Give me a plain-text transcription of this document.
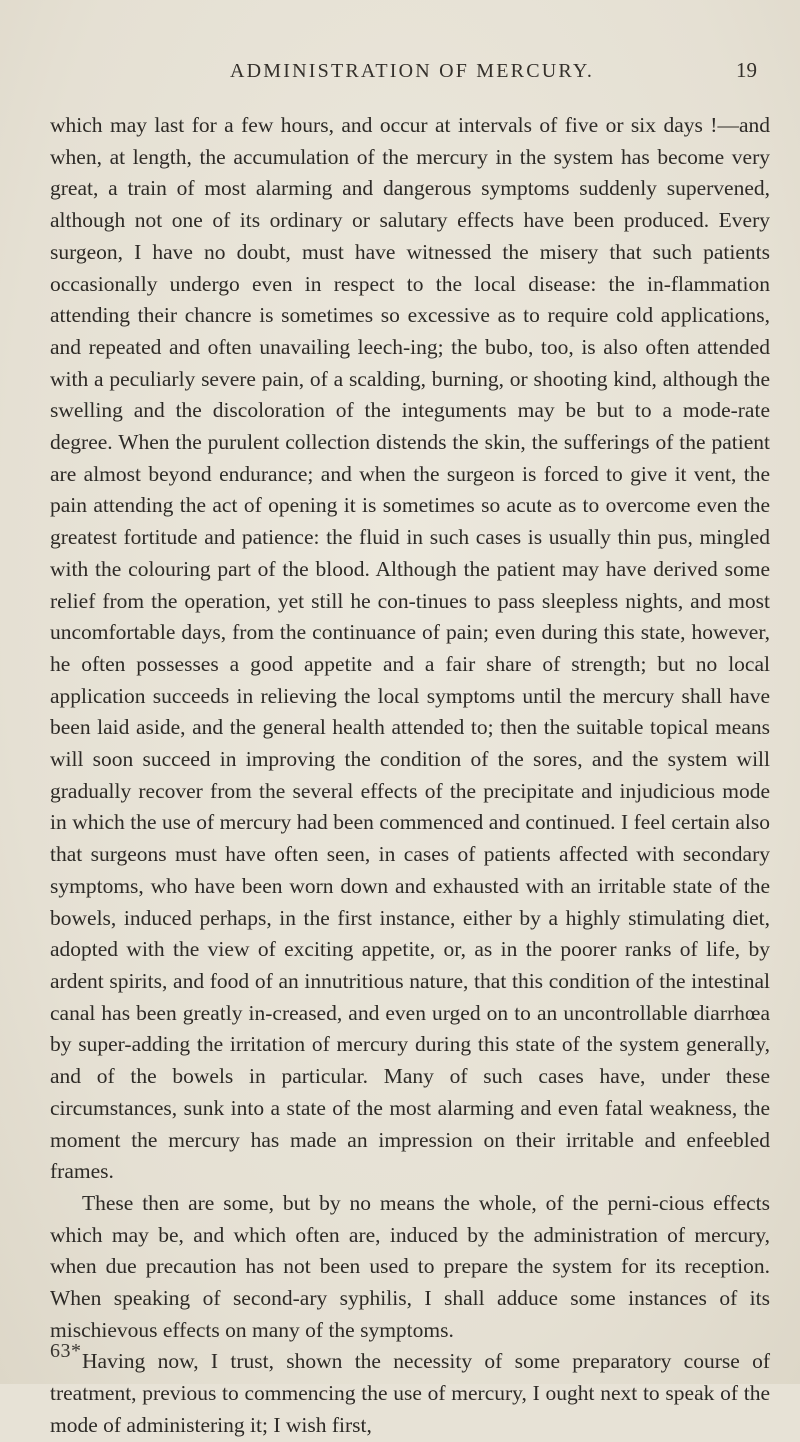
ADMINISTRATION OF MERCURY.	19

which may last for a few hours, and occur at intervals of five or six days !—and when, at length, the accumulation of the mercury in the system has become very great, a train of most alarming and dangerous symptoms suddenly supervened, although not one of its ordinary or salutary effects have been produced. Every surgeon, I have no doubt, must have witnessed the misery that such patients occasionally undergo even in respect to the local disease: the in-flammation attending their chancre is sometimes so excessive as to require cold applications, and repeated and often unavailing leech-ing; the bubo, too, is also often attended with a peculiarly severe pain, of a scalding, burning, or shooting kind, although the swelling and the discoloration of the integuments may be but to a mode-rate degree. When the purulent collection distends the skin, the sufferings of the patient are almost beyond endurance; and when the surgeon is forced to give it vent, the pain attending the act of opening it is sometimes so acute as to overcome even the greatest fortitude and patience: the fluid in such cases is usually thin pus, mingled with the colouring part of the blood. Although the patient may have derived some relief from the operation, yet still he con-tinues to pass sleepless nights, and most uncomfortable days, from the continuance of pain; even during this state, however, he often possesses a good appetite and a fair share of strength; but no local application succeeds in relieving the local symptoms until the mercury shall have been laid aside, and the general health attended to; then the suitable topical means will soon succeed in improving the condition of the sores, and the system will gradually recover from the several effects of the precipitate and injudicious mode in which the use of mercury had been commenced and continued. I feel certain also that surgeons must have often seen, in cases of patients affected with secondary symptoms, who have been worn down and exhausted with an irritable state of the bowels, induced perhaps, in the first instance, either by a highly stimulating diet, adopted with the view of exciting appetite, or, as in the poorer ranks of life, by ardent spirits, and food of an innutritious nature, that this condition of the intestinal canal has been greatly in-creased, and even urged on to an uncontrollable diarrhœa by super-adding the irritation of mercury during this state of the system generally, and of the bowels in particular. Many of such cases have, under these circumstances, sunk into a state of the most alarming and even fatal weakness, the moment the mercury has made an impression on their irritable and enfeebled frames.

These then are some, but by no means the whole, of the perni-cious effects which may be, and which often are, induced by the administration of mercury, when due precaution has not been used to prepare the system for its reception. When speaking of second-ary syphilis, I shall adduce some instances of its mischievous effects on many of the symptoms.

Having now, I trust, shown the necessity of some preparatory course of treatment, previous to commencing the use of mercury, I ought next to speak of the mode of administering it; I wish first,

63*
